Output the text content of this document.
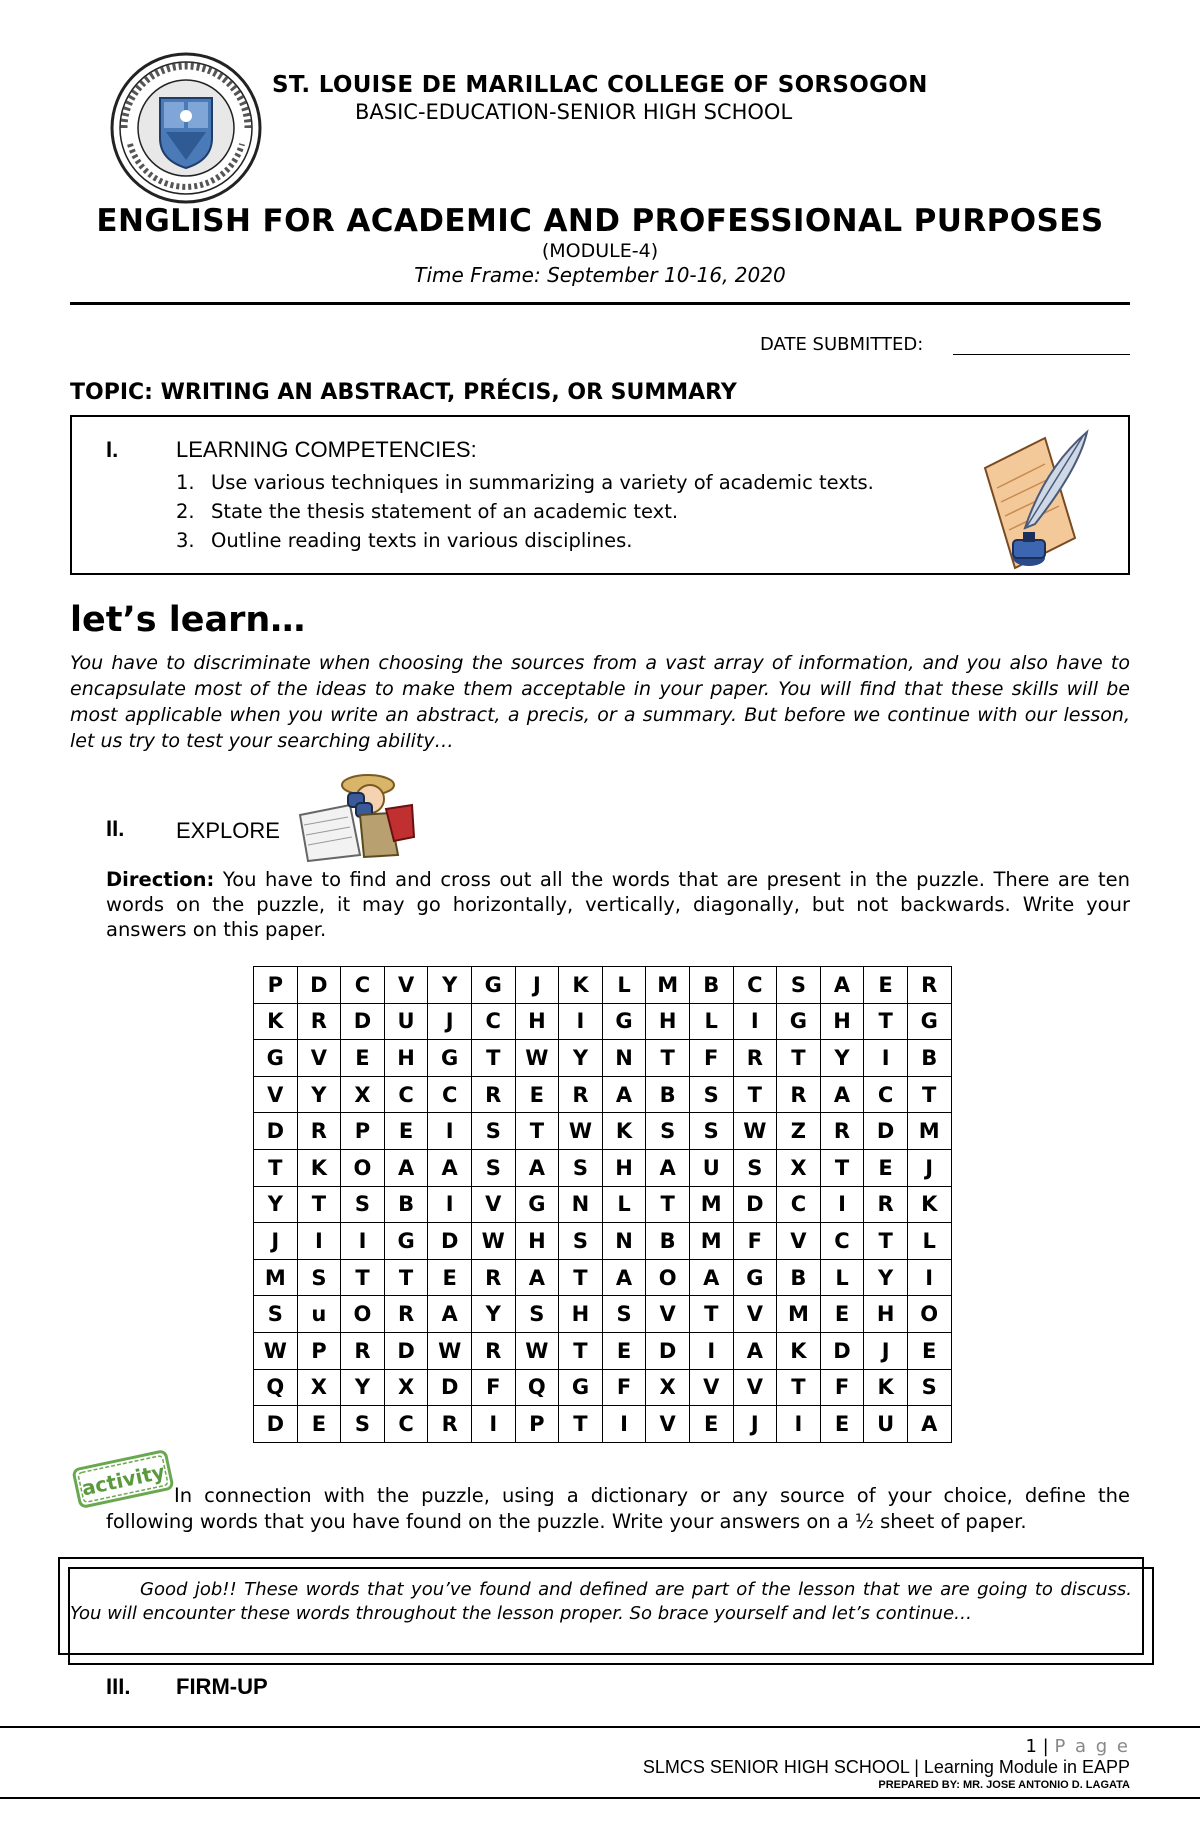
ST. LOUISE DE MARILLAC COLLEGE OF SORSOGON
BASIC-EDUCATION-SENIOR HIGH SCHOOL
ENGLISH FOR ACADEMIC AND PROFESSIONAL PURPOSES
(MODULE-4)
Time Frame: September 10-16, 2020
DATE SUBMITTED:
TOPIC: WRITING AN ABSTRACT, PRÉCIS, OR SUMMARY
I.	LEARNING COMPETENCIES:
1. Use various techniques in summarizing a variety of academic texts.
2. State the thesis statement of an academic text.
3. Outline reading texts in various disciplines.
let’s learn…
You have to discriminate when choosing the sources from a vast array of information, and you also have to encapsulate most of the ideas to make them acceptable in your paper. You will find that these skills will be most applicable when you write an abstract, a precis, or a summary. But before we continue with our lesson, let us try to test your searching ability…
II. EXPLORE
Direction: You have to find and cross out all the words that are present in the puzzle. There are ten words on the puzzle, it may go horizontally, vertically, diagonally, but not backwards. Write your answers on this paper.
P	D	C	V	Y	G	J	K	L	M	B	C	S	A	E	R
K	R	D	U	J	C	H	I	G	H	L	I	G	H	T	G
G	V	E	H	G	T	W	Y	N	T	F	R	T	Y	I	B
V	Y	X	C	C	R	E	R	A	B	S	T	R	A	C	T
D	R	P	E	I	S	T	W	K	S	S	W	Z	R	D	M
T	K	O	A	A	S	A	S	H	A	U	S	X	T	E	J
Y	T	S	B	I	V	G	N	L	T	M	D	C	I	R	K
J	I	I	G	D	W	H	S	N	B	M	F	V	C	T	L
M	S	T	T	E	R	A	T	A	O	A	G	B	L	Y	I
S	u	O	R	A	Y	S	H	S	V	T	V	M	E	H	O
W	P	R	D	W	R	W	T	E	D	I	A	K	D	J	E
Q	X	Y	X	D	F	Q	G	F	X	V	V	T	F	K	S
D	E	S	C	R	I	P	T	I	V	E	J	I	E	U	A
activity In connection with the puzzle, using a dictionary or any source of your choice, define the following words that you have found on the puzzle. Write your answers on a ½ sheet of paper.
Good job!! These words that you’ve found and defined are part of the lesson that we are going to discuss. You will encounter these words throughout the lesson proper. So brace yourself and let’s continue…
III. FIRM-UP
1 | P a g e
SLMCS SENIOR HIGH SCHOOL | Learning Module in EAPP
PREPARED BY: MR. JOSE ANTONIO D. LAGATA
